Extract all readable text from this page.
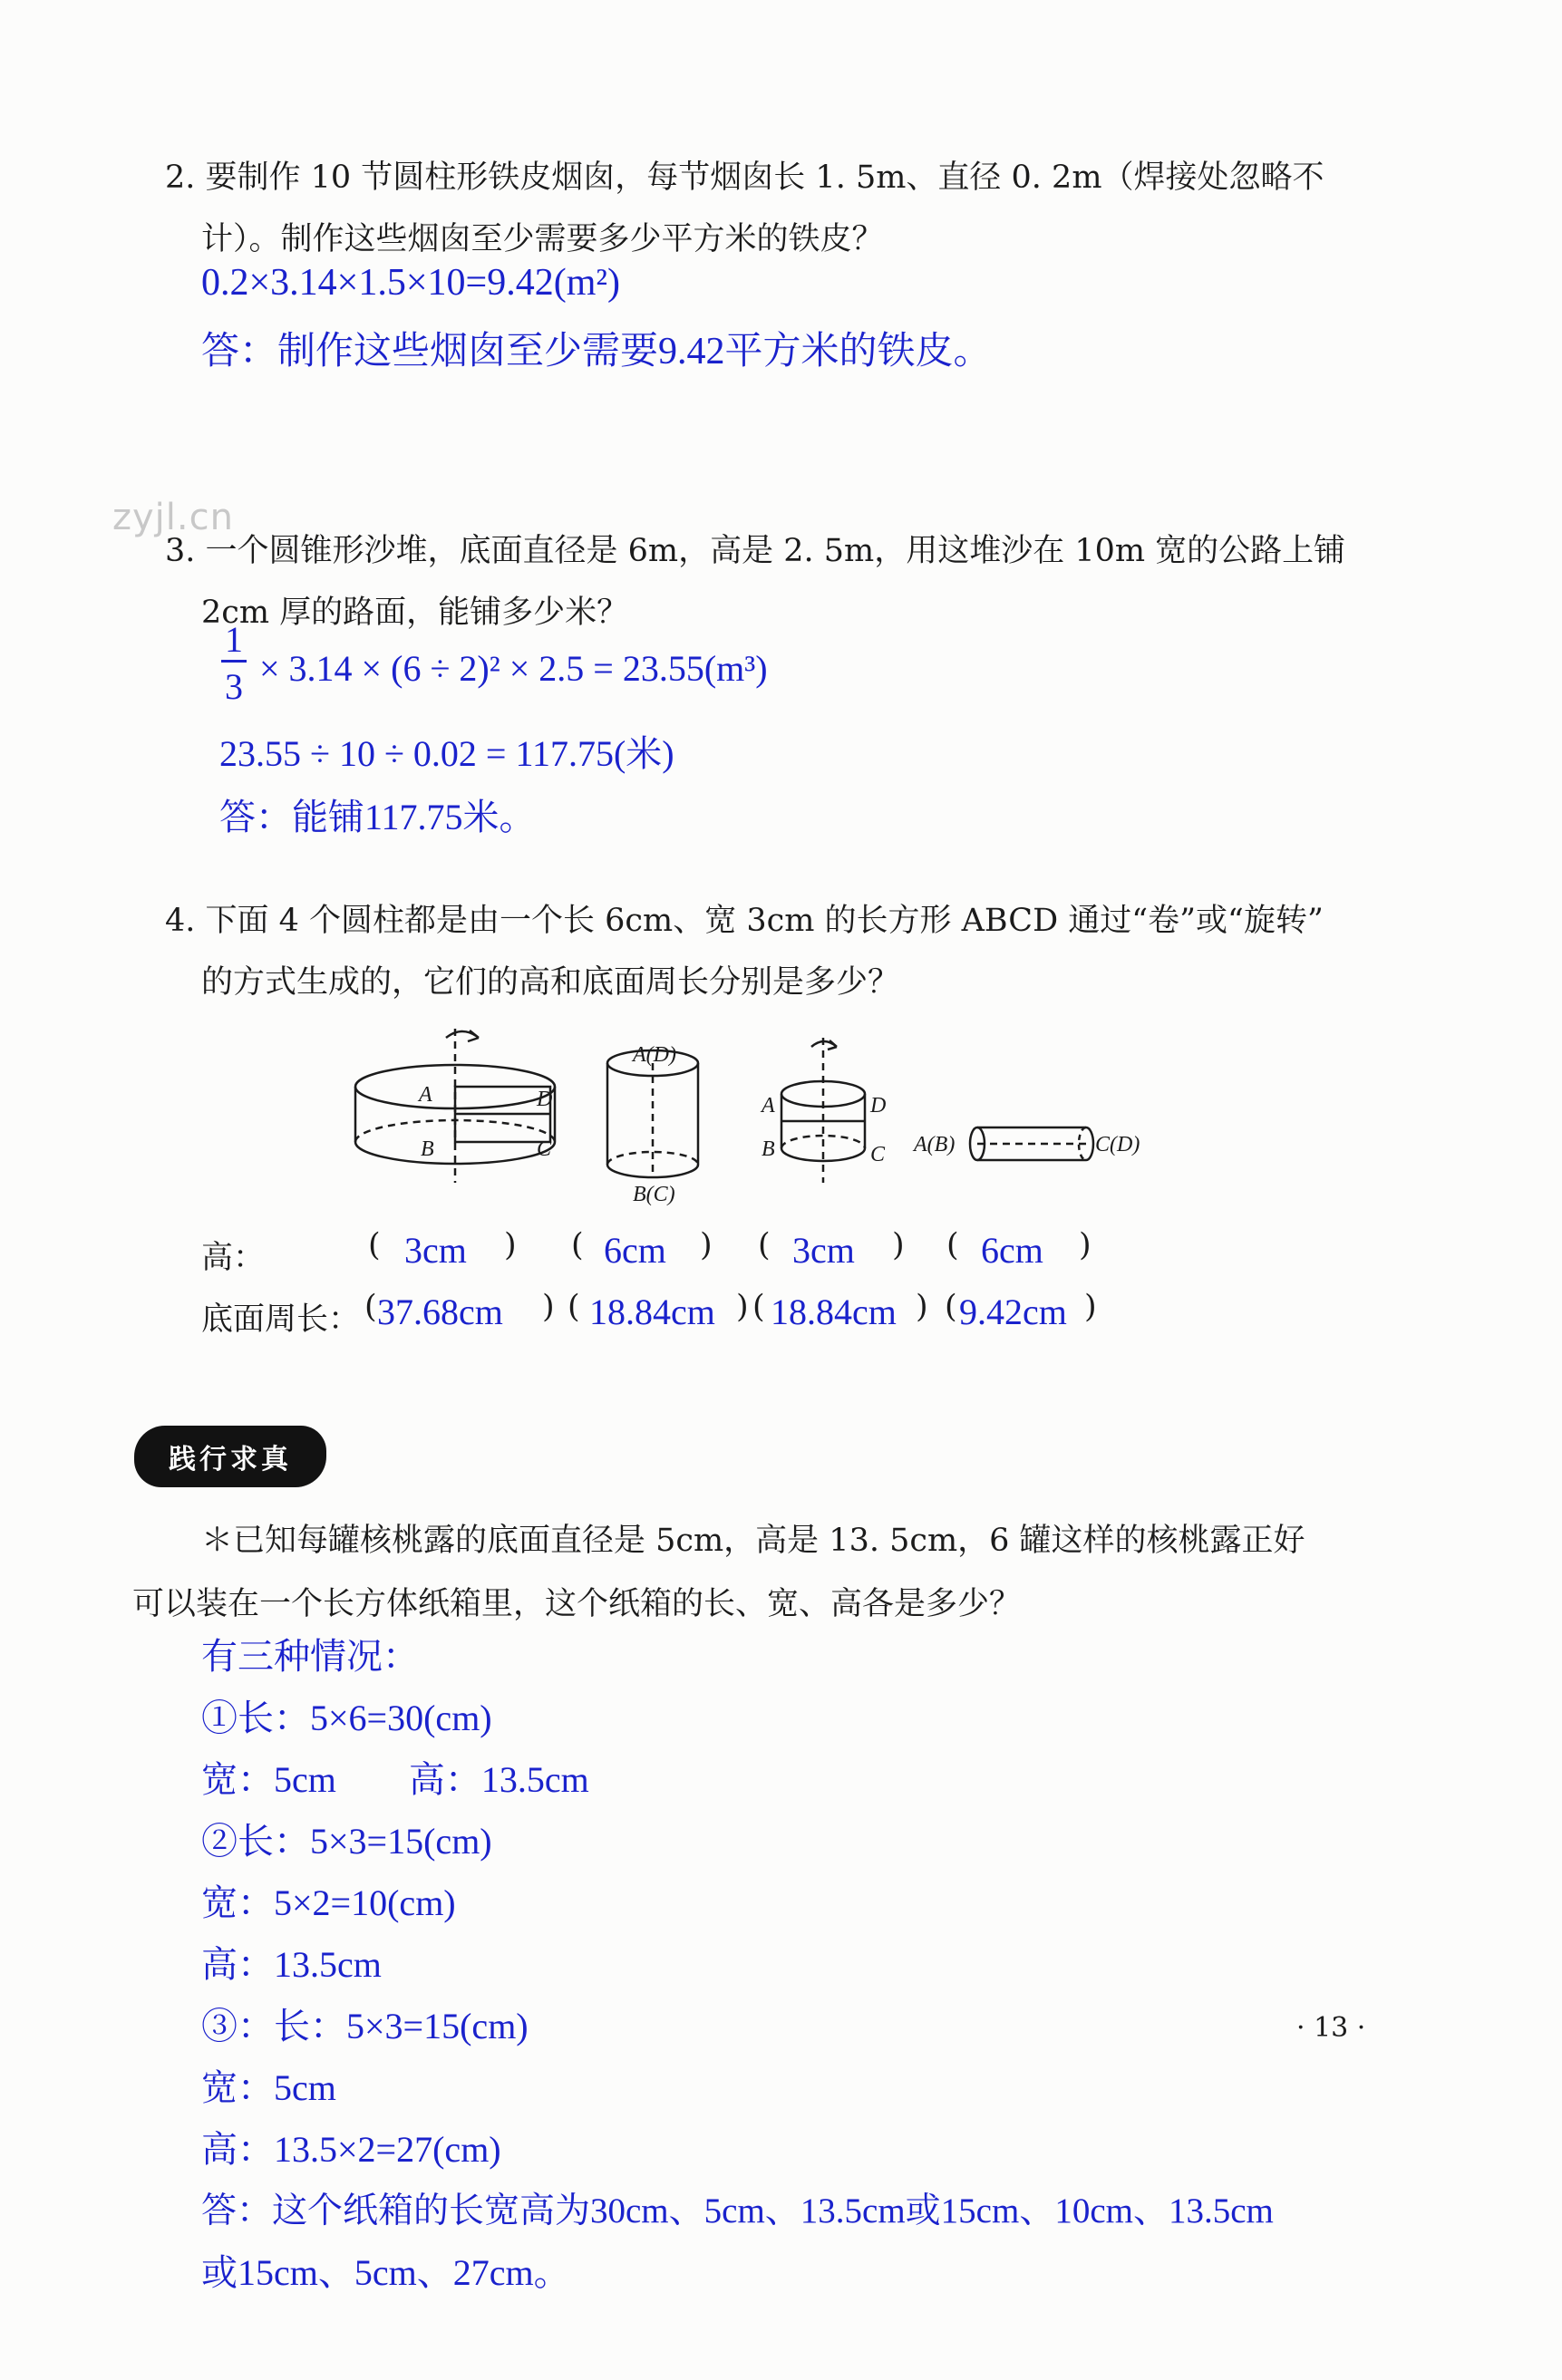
zyjl.cn
2. 要制作 10 节圆柱形铁皮烟囱，每节烟囱长 1. 5m、直径 0. 2m（焊接处忽略不
计）。制作这些烟囱至少需要多少平方米的铁皮？
0.2×3.14×1.5×10=9.42(m²)
答：制作这些烟囱至少需要9.42平方米的铁皮。
3. 一个圆锥形沙堆，底面直径是 6m，高是 2. 5m，用这堆沙在 10m 宽的公路上铺
2cm 厚的路面，能铺多少米？
1
3 × 3.14 × (6 ÷ 2)² × 2.5 = 23.55(m³)
23.55 ÷ 10 ÷ 0.02 = 117.75(米)
答：能铺117.75米。
4. 下面 4 个圆柱都是由一个长 6cm、宽 3cm 的长方形 ABCD 通过“卷”或“旋转”
的方式生成的，它们的高和底面周长分别是多少？
A
B
D
C
A(D)
B(C)
A
B
D
C A(B)	C(D)
高：
底面周长：
( 3cm ) ( 6cm ) ( 3cm ) ( 6cm )
( 37.68cm ) ( 18.84cm ) ( 18.84cm ) ( 9.42cm )
践行求真
＊已知每罐核桃露的底面直径是 5cm，高是 13. 5cm，6 罐这样的核桃露正好
可以装在一个长方体纸箱里，这个纸箱的长、宽、高各是多少？
有三种情况：
①长：5×6=30(cm)
宽：5cm　　高：13.5cm
②长：5×3=15(cm)
宽：5×2=10(cm)
高：13.5cm
③：长：5×3=15(cm)
宽：5cm
高：13.5×2=27(cm)
答：这个纸箱的长宽高为30cm、5cm、13.5cm或15cm、10cm、13.5cm
或15cm、5cm、27cm。
· 13 ·
